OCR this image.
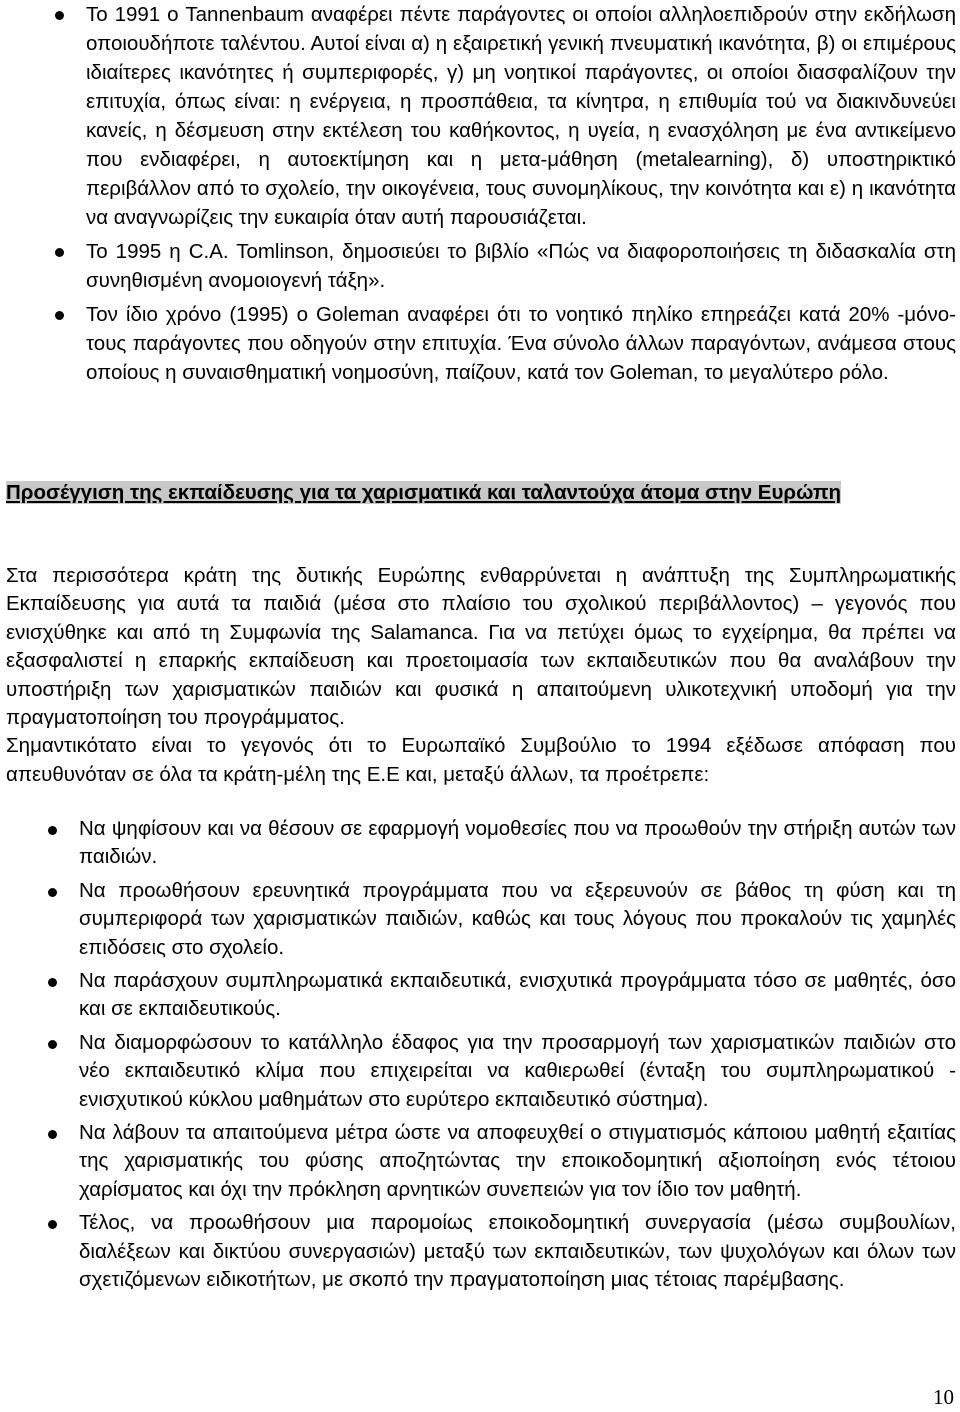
Το 1991 ο Tannenbaum αναφέρει πέντε παράγοντες οι οποίοι αλληλοεπιδρούν στην εκδήλωση οποιουδήποτε ταλέντου. Αυτοί είναι α) η εξαιρετική γενική πνευματική ικανότητα, β) οι επιμέρους ιδιαίτερες ικανότητες ή συμπεριφορές, γ) μη νοητικοί παράγοντες, οι οποίοι διασφαλίζουν την επιτυχία, όπως είναι: η ενέργεια, η προσπάθεια, τα κίνητρα, η επιθυμία τού να διακινδυνεύει κανείς, η δέσμευση στην εκτέλεση του καθήκοντος, η υγεία, η ενασχόληση με ένα αντικείμενο που ενδιαφέρει, η αυτοεκτίμηση και η μετα-μάθηση (metalearning), δ) υποστηρικτικό περιβάλλον από το σχολείο, την οικογένεια, τους συνομηλίκους, την κοινότητα και ε) η ικανότητα να αναγνωρίζεις την ευκαιρία όταν αυτή παρουσιάζεται.
Το 1995 η C.A. Tomlinson, δημοσιεύει το βιβλίο «Πώς να διαφοροποιήσεις τη διδασκαλία στη συνηθισμένη ανομοιογενή τάξη».
Τον ίδιο χρόνο (1995) ο Goleman αναφέρει ότι το νοητικό πηλίκο επηρεάζει κατά 20% -μόνο- τους παράγοντες που οδηγούν στην επιτυχία. Ένα σύνολο άλλων παραγόντων, ανάμεσα στους οποίους η συναισθηματική νοημοσύνη, παίζουν, κατά τον Goleman, το μεγαλύτερο ρόλο.
Προσέγγιση της εκπαίδευσης για τα χαρισματικά και ταλαντούχα άτομα στην Ευρώπη

Στα περισσότερα κράτη της δυτικής Ευρώπης ενθαρρύνεται η ανάπτυξη της Συμπληρωματικής Εκπαίδευσης για αυτά τα παιδιά (μέσα στο πλαίσιο του σχολικού περιβάλλοντος) – γεγονός που ενισχύθηκε και από τη Συμφωνία της Salamanca. Για να πετύχει όμως το εγχείρημα, θα πρέπει να εξασφαλιστεί η επαρκής εκπαίδευση και προετοιμασία των εκπαιδευτικών που θα αναλάβουν την υποστήριξη των χαρισματικών παιδιών και φυσικά η απαιτούμενη υλικοτεχνική υποδομή για την πραγματοποίηση του προγράμματος.

Σημαντικότατο είναι το γεγονός ότι το Ευρωπαϊκό Συμβούλιο το 1994 εξέδωσε απόφαση που απευθυνόταν σε όλα τα κράτη-μέλη της Ε.Ε και, μεταξύ άλλων, τα προέτρεπε:

Να ψηφίσουν και να θέσουν σε εφαρμογή νομοθεσίες που να προωθούν την στήριξη αυτών των παιδιών.
Να προωθήσουν ερευνητικά προγράμματα που να εξερευνούν σε βάθος τη φύση και τη συμπεριφορά των χαρισματικών παιδιών, καθώς και τους λόγους που προκαλούν τις χαμηλές επιδόσεις στο σχολείο.
Να παράσχουν συμπληρωματικά εκπαιδευτικά, ενισχυτικά προγράμματα τόσο σε μαθητές, όσο και σε εκπαιδευτικούς.
Να διαμορφώσουν το κατάλληλο έδαφος για την προσαρμογή των χαρισματικών παιδιών στο νέο εκπαιδευτικό κλίμα που επιχειρείται να καθιερωθεί (ένταξη του συμπληρωματικού - ενισχυτικού κύκλου μαθημάτων στο ευρύτερο εκπαιδευτικό σύστημα).
Να λάβουν τα απαιτούμενα μέτρα ώστε να αποφευχθεί ο στιγματισμός κάποιου μαθητή εξαιτίας της χαρισματικής του φύσης αποζητώντας την εποικοδομητική αξιοποίηση ενός τέτοιου χαρίσματος και όχι την πρόκληση αρνητικών συνεπειών για τον ίδιο τον μαθητή.
Τέλος, να προωθήσουν μια παρομοίως εποικοδομητική συνεργασία (μέσω συμβουλίων, διαλέξεων και δικτύου συνεργασιών) μεταξύ των εκπαιδευτικών, των ψυχολόγων και όλων των σχετιζόμενων ειδικοτήτων, με σκοπό την πραγματοποίηση μιας τέτοιας παρέμβασης.
10
